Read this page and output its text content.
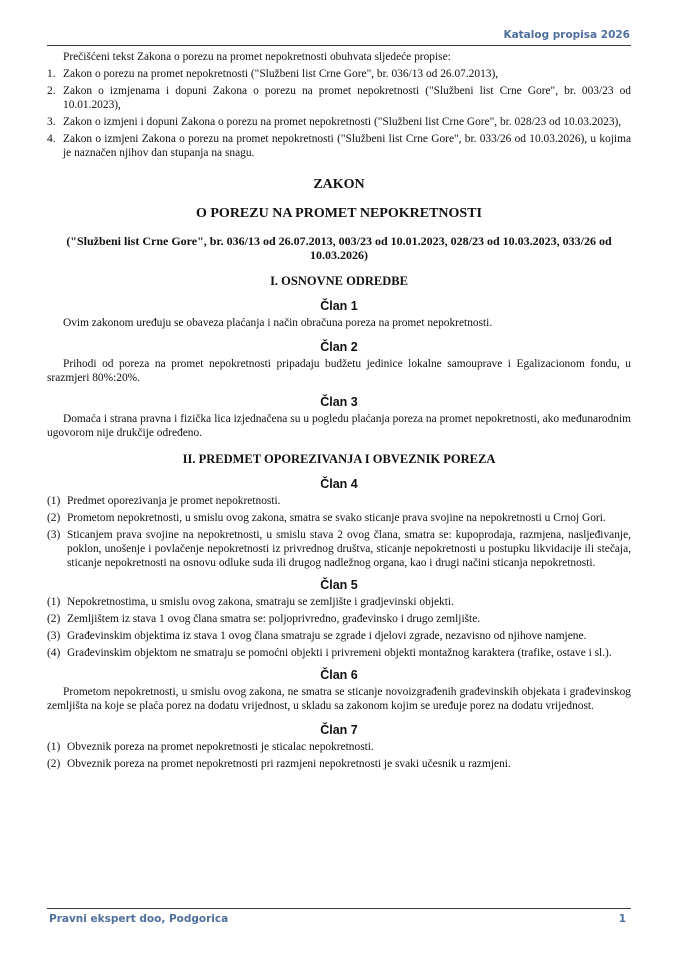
Katalog propisa 2026

Prečišćeni tekst Zakona o porezu na promet nepokretnosti obuhvata sljedeće propise:

1. Zakon o porezu na promet nepokretnosti ("Službeni list Crne Gore", br. 036/13 od 26.07.2013),
2. Zakon o izmjenama i dopuni Zakona o porezu na promet nepokretnosti ("Službeni list Crne Gore", br. 003/23 od 10.01.2023),
3. Zakon o izmjeni i dopuni Zakona o porezu na promet nepokretnosti ("Službeni list Crne Gore", br. 028/23 od 10.03.2023),
4. Zakon o izmjeni Zakona o porezu na promet nepokretnosti ("Službeni list Crne Gore", br. 033/26 od 10.03.2026), u kojima je naznačen njihov dan stupanja na snagu.

ZAKON

O POREZU NA PROMET NEPOKRETNOSTI

("Službeni list Crne Gore", br. 036/13 od 26.07.2013, 003/23 od 10.01.2023, 028/23 od 10.03.2023, 033/26 od 10.03.2026)

I. OSNOVNE ODREDBE

Član 1

Ovim zakonom uređuju se obaveza plaćanja i način obračuna poreza na promet nepokretnosti.

Član 2

Prihodi od poreza na promet nepokretnosti pripadaju budžetu jedinice lokalne samouprave i Egalizacionom fondu, u srazmjeri 80%:20%.

Član 3

Domaća i strana pravna i fizička lica izjednačena su u pogledu plaćanja poreza na promet nepokretnosti, ako međunarodnim ugovorom nije drukčije određeno.

II. PREDMET OPOREZIVANJA I OBVEZNIK POREZA

Član 4

(1) Predmet oporezivanja je promet nepokretnosti.
(2) Prometom nepokretnosti, u smislu ovog zakona, smatra se svako sticanje prava svojine na nepokretnosti u Crnoj Gori.
(3) Sticanjem prava svojine na nepokretnosti, u smislu stava 2 ovog člana, smatra se: kupoprodaja, razmjena, nasljeđivanje, poklon, unošenje i povlačenje nepokretnosti iz privrednog društva, sticanje nepokretnosti u postupku likvidacije ili stečaja, sticanje nepokretnosti na osnovu odluke suda ili drugog nadležnog organa, kao i drugi načini sticanja nepokretnosti.

Član 5

(1) Nepokretnostima, u smislu ovog zakona, smatraju se zemljište i gradjevinski objekti.
(2) Zemljištem iz stava 1 ovog člana smatra se: poljoprivredno, građevinsko i drugo zemljište.
(3) Građevinskim objektima iz stava 1 ovog člana smatraju se zgrade i djelovi zgrade, nezavisno od njihove namjene.
(4) Građevinskim objektom ne smatraju se pomoćni objekti i privremeni objekti montažnog karaktera (trafike, ostave i sl.).

Član 6

Prometom nepokretnosti, u smislu ovog zakona, ne smatra se sticanje novoizgrađenih građevinskih objekata i građevinskog zemljišta na koje se plaća porez na dodatu vrijednost, u skladu sa zakonom kojim se uređuje porez na dodatu vrijednost.

Član 7

(1) Obveznik poreza na promet nepokretnosti je sticalac nepokretnosti.
(2) Obveznik poreza na promet nepokretnosti pri razmjeni nepokretnosti je svaki učesnik u razmjeni.
Pravni ekspert doo, Podgorica	1
